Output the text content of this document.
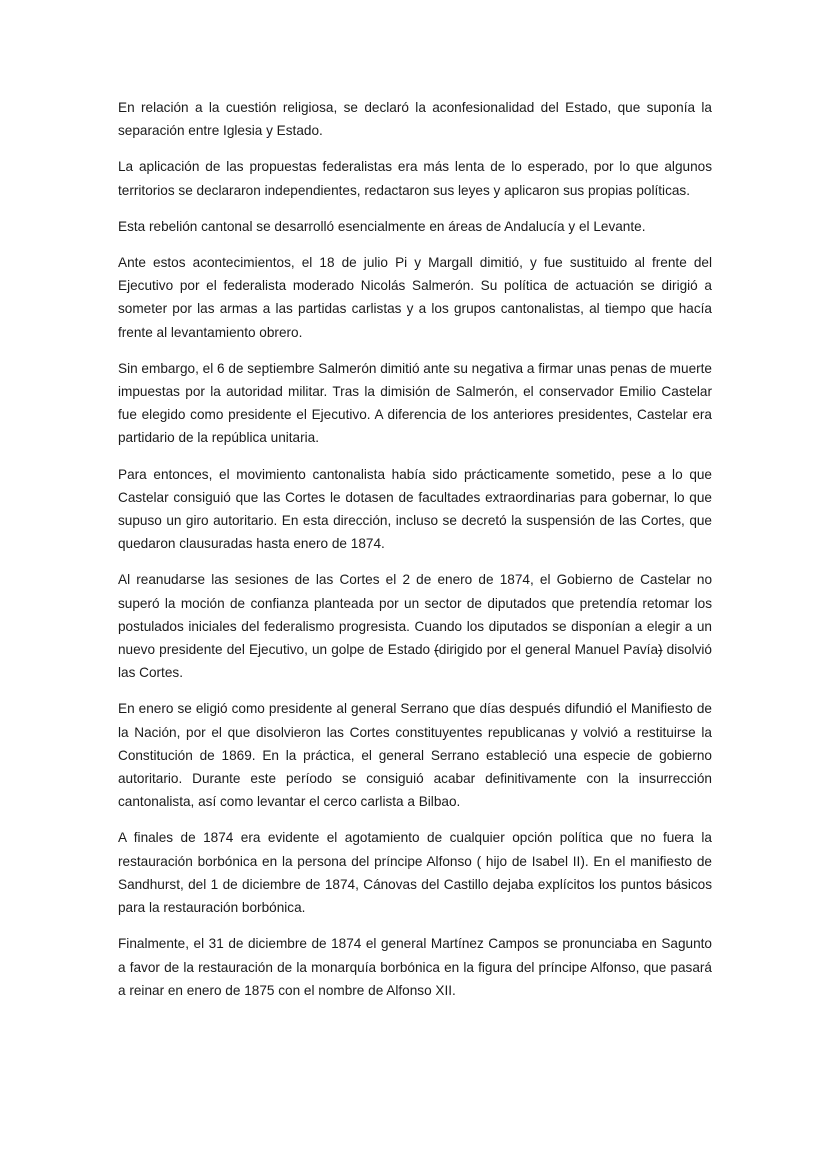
En relación a la cuestión religiosa, se declaró la aconfesionalidad del Estado, que suponía la separación entre Iglesia y Estado.

La aplicación de las propuestas federalistas era más lenta de lo esperado, por lo que algunos territorios se declararon independientes, redactaron sus leyes y aplicaron sus propias políticas.

Esta rebelión cantonal se desarrolló esencialmente en áreas de Andalucía y el Levante.

Ante estos acontecimientos, el 18 de julio Pi y Margall dimitió, y fue sustituido al frente del Ejecutivo por el federalista moderado Nicolás Salmerón. Su política de actuación se dirigió a someter por las armas a las partidas carlistas y a los grupos cantonalistas, al tiempo que hacía frente al levantamiento obrero.

Sin embargo, el 6 de septiembre Salmerón dimitió ante su negativa a firmar unas penas de muerte impuestas por la autoridad militar. Tras la dimisión de Salmerón, el conservador Emilio Castelar fue elegido como presidente el Ejecutivo. A diferencia de los anteriores presidentes, Castelar era partidario de la república unitaria.

Para entonces, el movimiento cantonalista había sido prácticamente sometido, pese a lo que Castelar consiguió que las Cortes le dotasen de facultades extraordinarias para gobernar, lo que supuso un giro autoritario. En esta dirección, incluso se decretó la suspensión de las Cortes, que quedaron clausuradas hasta enero de 1874.

Al reanudarse las sesiones de las Cortes el 2 de enero de 1874, el Gobierno de Castelar no superó la moción de confianza planteada por un sector de diputados que pretendía retomar los postulados iniciales del federalismo progresista. Cuando los diputados se disponían a elegir a un nuevo presidente del Ejecutivo, un golpe de Estado (dirigido por el general Manuel Pavía) disolvió las Cortes.

En enero se eligió como presidente al general Serrano que días después difundió el Manifiesto de la Nación, por el que disolvieron las Cortes constituyentes republicanas y volvió a restituirse la Constitución de 1869. En la práctica, el general Serrano estableció una especie de gobierno autoritario. Durante este período se consiguió acabar definitivamente con la insurrección cantonalista, así como levantar el cerco carlista a Bilbao.

A finales de 1874 era evidente el agotamiento de cualquier opción política que no fuera la restauración borbónica en la persona del príncipe Alfonso ( hijo de Isabel II). En el manifiesto de Sandhurst, del 1 de diciembre de 1874, Cánovas del Castillo dejaba explícitos los puntos básicos para la restauración borbónica.

Finalmente, el 31 de diciembre de 1874 el general Martínez Campos se pronunciaba en Sagunto a favor de la restauración de la monarquía borbónica en la figura del príncipe Alfonso, que pasará a reinar en enero de 1875 con el nombre de Alfonso XII.
